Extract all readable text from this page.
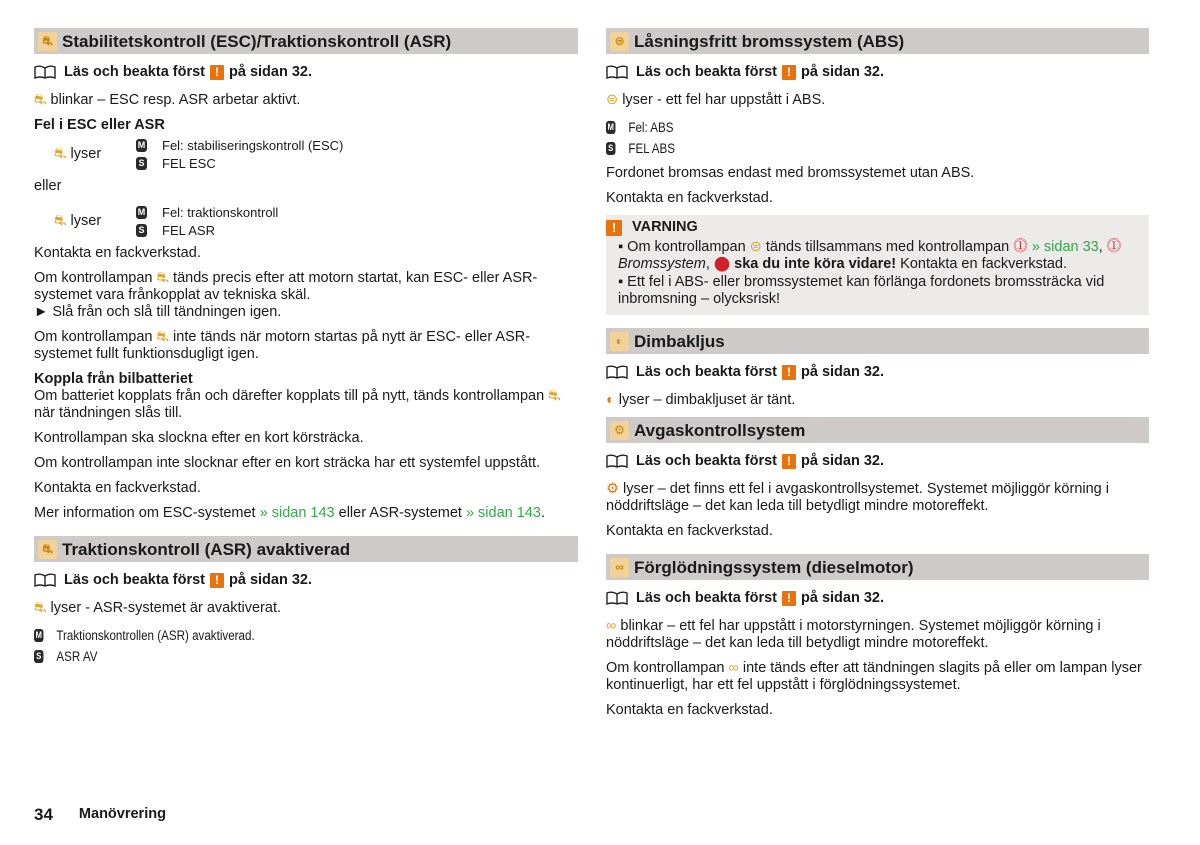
⛐ Stabilitetskontroll (ESC)/Traktionskontroll (ASR)
Läs och beakta först ! på sidan 32.

⛐ blinkar – ESC resp. ASR arbetar aktivt.

Fel i ESC eller ASR

⛐ lyser
M Fel: stabiliseringskontroll (ESC)
S FEL ESC

eller

⛐ lyser
M Fel: traktionskontroll
S FEL ASR

Kontakta en fackverkstad.

Om kontrollampan ⛐ tänds precis efter att motorn startat, kan ESC- eller ASR-systemet vara frånkopplat av tekniska skäl.
► Slå från och slå till tändningen igen.

Om kontrollampan ⛐ inte tänds när motorn startas på nytt är ESC- eller ASR-systemet fullt funktionsdugligt igen.

Koppla från bilbatteriet
Om batteriet kopplats från och därefter kopplats till på nytt, tänds kontrollampan ⛐ när tändningen slås till.

Kontrollampan ska slockna efter en kort körsträcka.

Om kontrollampan inte slocknar efter en kort sträcka har ett systemfel uppstått.

Kontakta en fackverkstad.

Mer information om ESC-systemet » sidan 143 eller ASR-systemet » sidan 143.

⛐ Traktionskontroll (ASR) avaktiverad
Läs och beakta först ! på sidan 32.

⛐ lyser - ASR-systemet är avaktiverat.

M Traktionskontrollen (ASR) avaktiverad.
S ASR AV
⊜ Låsningsfritt bromssystem (ABS)
Läs och beakta först ! på sidan 32.

⊜ lyser - ett fel har uppstått i ABS.

M Fel: ABS
S FEL ABS

Fordonet bromsas endast med bromssystemet utan ABS.

Kontakta en fackverkstad.

!	VARNING

▪ Om kontrollampan ⊜ tänds tillsammans med kontrollampan ⓵ » sidan 33, ⓵ Bromssystem, ⬤ ska du inte köra vidare! Kontakta en fackverkstad.

▪ Ett fel i ABS- eller bromssystemet kan förlänga fordonets bromssträcka vid inbromsning – olycksrisk!

◐ Dimbakljus
Läs och beakta först ! på sidan 32.

◐ lyser – dimbakljuset är tänt.

⚙ Avgaskontrollsystem
Läs och beakta först ! på sidan 32.

⚙ lyser – det finns ett fel i avgaskontrollsystemet. Systemet möjliggör körning i nöddriftsläge – det kan leda till betydligt mindre motoreffekt.

Kontakta en fackverkstad.

∞ Förglödningssystem (dieselmotor)
Läs och beakta först ! på sidan 32.

∞ blinkar – ett fel har uppstått i motorstyrningen. Systemet möjliggör körning i nöddriftsläge – det kan leda till betydligt mindre motoreffekt.

Om kontrollampan ∞ inte tänds efter att tändningen slagits på eller om lampan lyser kontinuerligt, har ett fel uppstått i förglödningssystemet.

Kontakta en fackverkstad.

34 Manövrering
